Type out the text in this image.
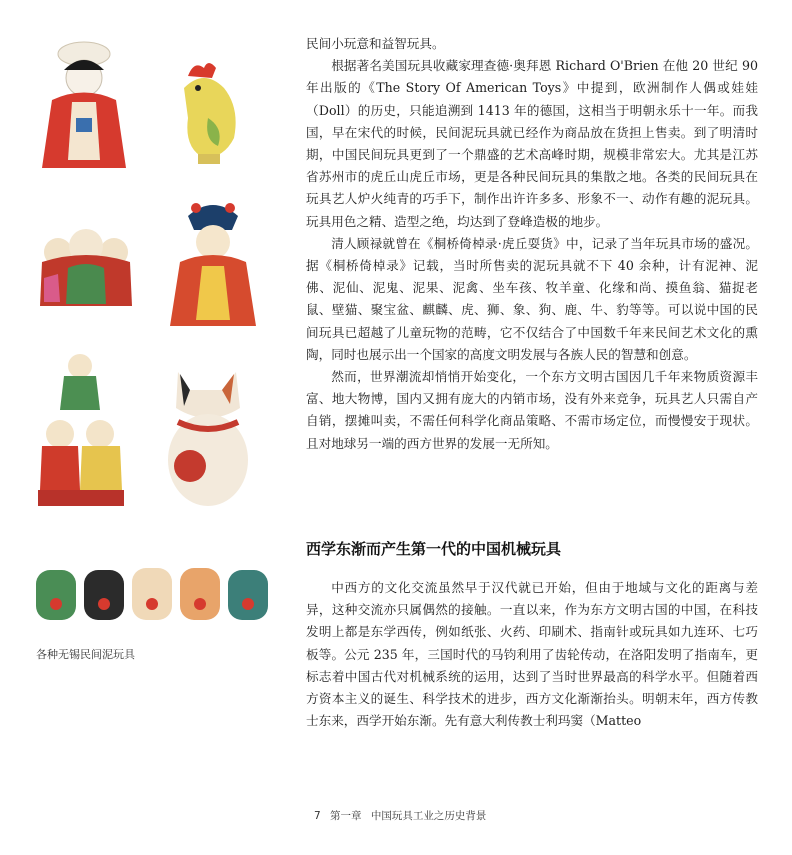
各种无锡民间泥玩具

民间小玩意和益智玩具。

根据著名美国玩具收藏家理查德·奥拜恩 Richard O'Brien 在他 20 世纪 90 年出版的《The Story Of American Toys》中提到，欧洲制作人偶或娃娃（Doll）的历史，只能追溯到 1413 年的德国，这相当于明朝永乐十一年。而我国，早在宋代的时候，民间泥玩具就已经作为商品放在货担上售卖。到了明清时期，中国民间玩具更到了一个鼎盛的艺术高峰时期，规模非常宏大。尤其是江苏省苏州市的虎丘山虎丘市场，更是各种民间玩具的集散之地。各类的民间玩具在玩具艺人炉火纯青的巧手下，制作出许许多多、形象不一、动作有趣的泥玩具。玩具用色之精、造型之绝，均达到了登峰造极的地步。

清人顾禄就曾在《桐桥倚棹录·虎丘耍货》中，记录了当年玩具市场的盛况。据《桐桥倚棹录》记载，当时所售卖的泥玩具就不下 40 余种，计有泥神、泥佛、泥仙、泥鬼、泥果、泥禽、坐车孩、牧羊童、化缘和尚、摸鱼翁、猫捉老鼠、壁猫、聚宝盆、麒麟、虎、狮、象、狗、鹿、牛、豹等等。可以说中国的民间玩具已超越了儿童玩物的范畴，它不仅结合了中国数千年来民间艺术文化的熏陶，同时也展示出一个国家的高度文明发展与各族人民的智慧和创意。

然而，世界潮流却悄悄开始变化，一个东方文明古国因几千年来物质资源丰富、地大物博，国内又拥有庞大的内销市场，没有外来竞争，玩具艺人只需自产自销，摆摊叫卖，不需任何科学化商品策略、不需市场定位，而慢慢安于现状。且对地球另一端的西方世界的发展一无所知。

西学东渐而产生第一代的中国机械玩具

中西方的文化交流虽然早于汉代就已开始，但由于地域与文化的距离与差异，这种交流亦只属偶然的接触。一直以来，作为东方文明古国的中国，在科技发明上都是东学西传，例如纸张、火药、印刷术、指南针或玩具如九连环、七巧板等。公元 235 年，三国时代的马钧利用了齿轮传动，在洛阳发明了指南车，更标志着中国古代对机械系统的运用，达到了当时世界最高的科学水平。但随着西方资本主义的诞生、科学技术的进步，西方文化渐渐抬头。明朝末年，西方传教士东来，西学开始东渐。先有意大利传教士利玛窦（Matteo

7 第一章 中国玩具工业之历史背景
